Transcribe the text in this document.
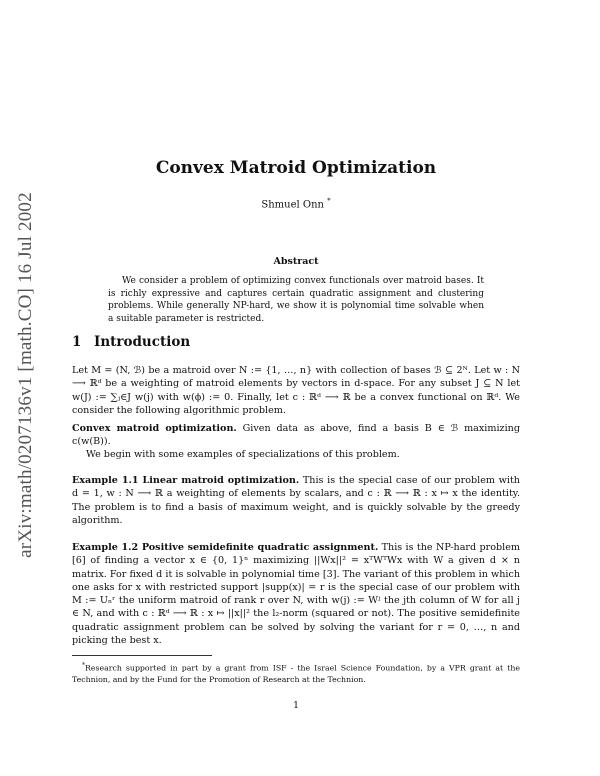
arXiv:math/0207136v1 [math.CO] 16 Jul 2002
Convex Matroid Optimization
Shmuel Onn *
Abstract
We consider a problem of optimizing convex functionals over matroid bases. It is richly expressive and captures certain quadratic assignment and clustering problems. While generally NP-hard, we show it is polynomial time solvable when a suitable parameter is restricted.
1 Introduction
Let M = (N, ℬ) be a matroid over N := {1, …, n} with collection of bases ℬ ⊆ 2ᴺ. Let w : N ⟶ ℝᵈ be a weighting of matroid elements by vectors in d-space. For any subset J ⊆ N let w(J) := ∑ⱼ∈J w(j) with w(ϕ) := 0. Finally, let c : ℝᵈ ⟶ ℝ be a convex functional on ℝᵈ. We consider the following algorithmic problem.
Convex matroid optimization. Given data as above, find a basis B ∈ ℬ maximizing c(w(B)).
We begin with some examples of specializations of this problem.
Example 1.1 Linear matroid optimization. This is the special case of our problem with d = 1, w : N ⟶ ℝ a weighting of elements by scalars, and c : ℝ ⟶ ℝ : x ↦ x the identity. The problem is to find a basis of maximum weight, and is quickly solvable by the greedy algorithm.
Example 1.2 Positive semidefinite quadratic assignment. This is the NP-hard problem [6] of finding a vector x ∈ {0, 1}ⁿ maximizing ||Wx||² = xᵀWᵀWx with W a given d × n matrix. For fixed d it is solvable in polynomial time [3]. The variant of this problem in which one asks for x with restricted support |supp(x)| = r is the special case of our problem with M := Uₙʳ the uniform matroid of rank r over N, with w(j) := Wʲ the jth column of W for all j ∈ N, and with c : ℝᵈ ⟶ ℝ : x ↦ ||x||² the l₂-norm (squared or not). The positive semidefinite quadratic assignment problem can be solved by solving the variant for r = 0, …, n and picking the best x.
*Research supported in part by a grant from ISF - the Israel Science Foundation, by a VPR grant at the Technion, and by the Fund for the Promotion of Research at the Technion.
1
